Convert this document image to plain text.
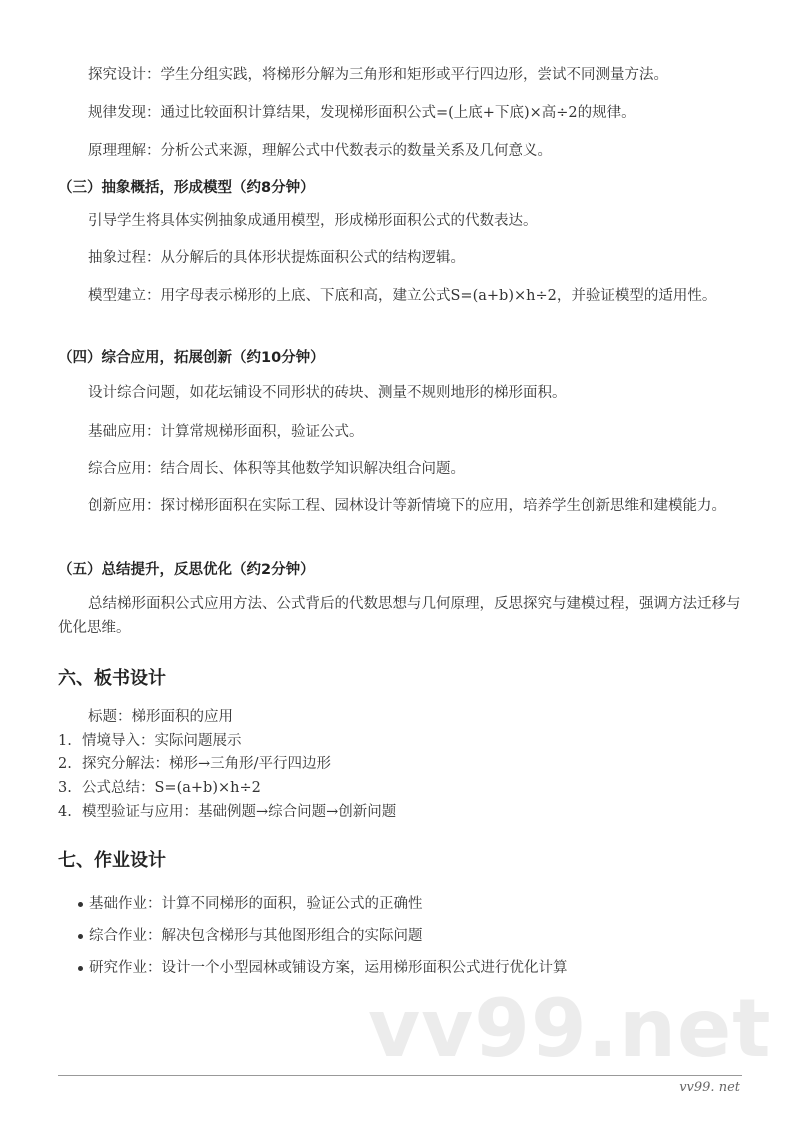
探究设计：学生分组实践，将梯形分解为三角形和矩形或平行四边形，尝试不同测量方法。
规律发现：通过比较面积计算结果，发现梯形面积公式=(上底+下底)×高÷2的规律。
原理理解：分析公式来源，理解公式中代数表示的数量关系及几何意义。
（三）抽象概括，形成模型（约8分钟）
引导学生将具体实例抽象成通用模型，形成梯形面积公式的代数表达。
抽象过程：从分解后的具体形状提炼面积公式的结构逻辑。
模型建立：用字母表示梯形的上底、下底和高，建立公式S=(a+b)×h÷2，并验证模型的适用性。
（四）综合应用，拓展创新（约10分钟）
设计综合问题，如花坛铺设不同形状的砖块、测量不规则地形的梯形面积。
基础应用：计算常规梯形面积，验证公式。
综合应用：结合周长、体积等其他数学知识解决组合问题。
创新应用：探讨梯形面积在实际工程、园林设计等新情境下的应用，培养学生创新思维和建模能力。
（五）总结提升，反思优化（约2分钟）
总结梯形面积公式应用方法、公式背后的代数思想与几何原理，反思探究与建模过程，强调方法迁移与优化思维。
六、板书设计
标题：梯形面积的应用
1. 情境导入：实际问题展示
2. 探究分解法：梯形→三角形/平行四边形
3. 公式总结：S=(a+b)×h÷2
4. 模型验证与应用：基础例题→综合问题→创新问题
七、作业设计
基础作业：计算不同梯形的面积，验证公式的正确性
综合作业：解决包含梯形与其他图形组合的实际问题
研究作业：设计一个小型园林或铺设方案，运用梯形面积公式进行优化计算
vv99.net
vv99. net
